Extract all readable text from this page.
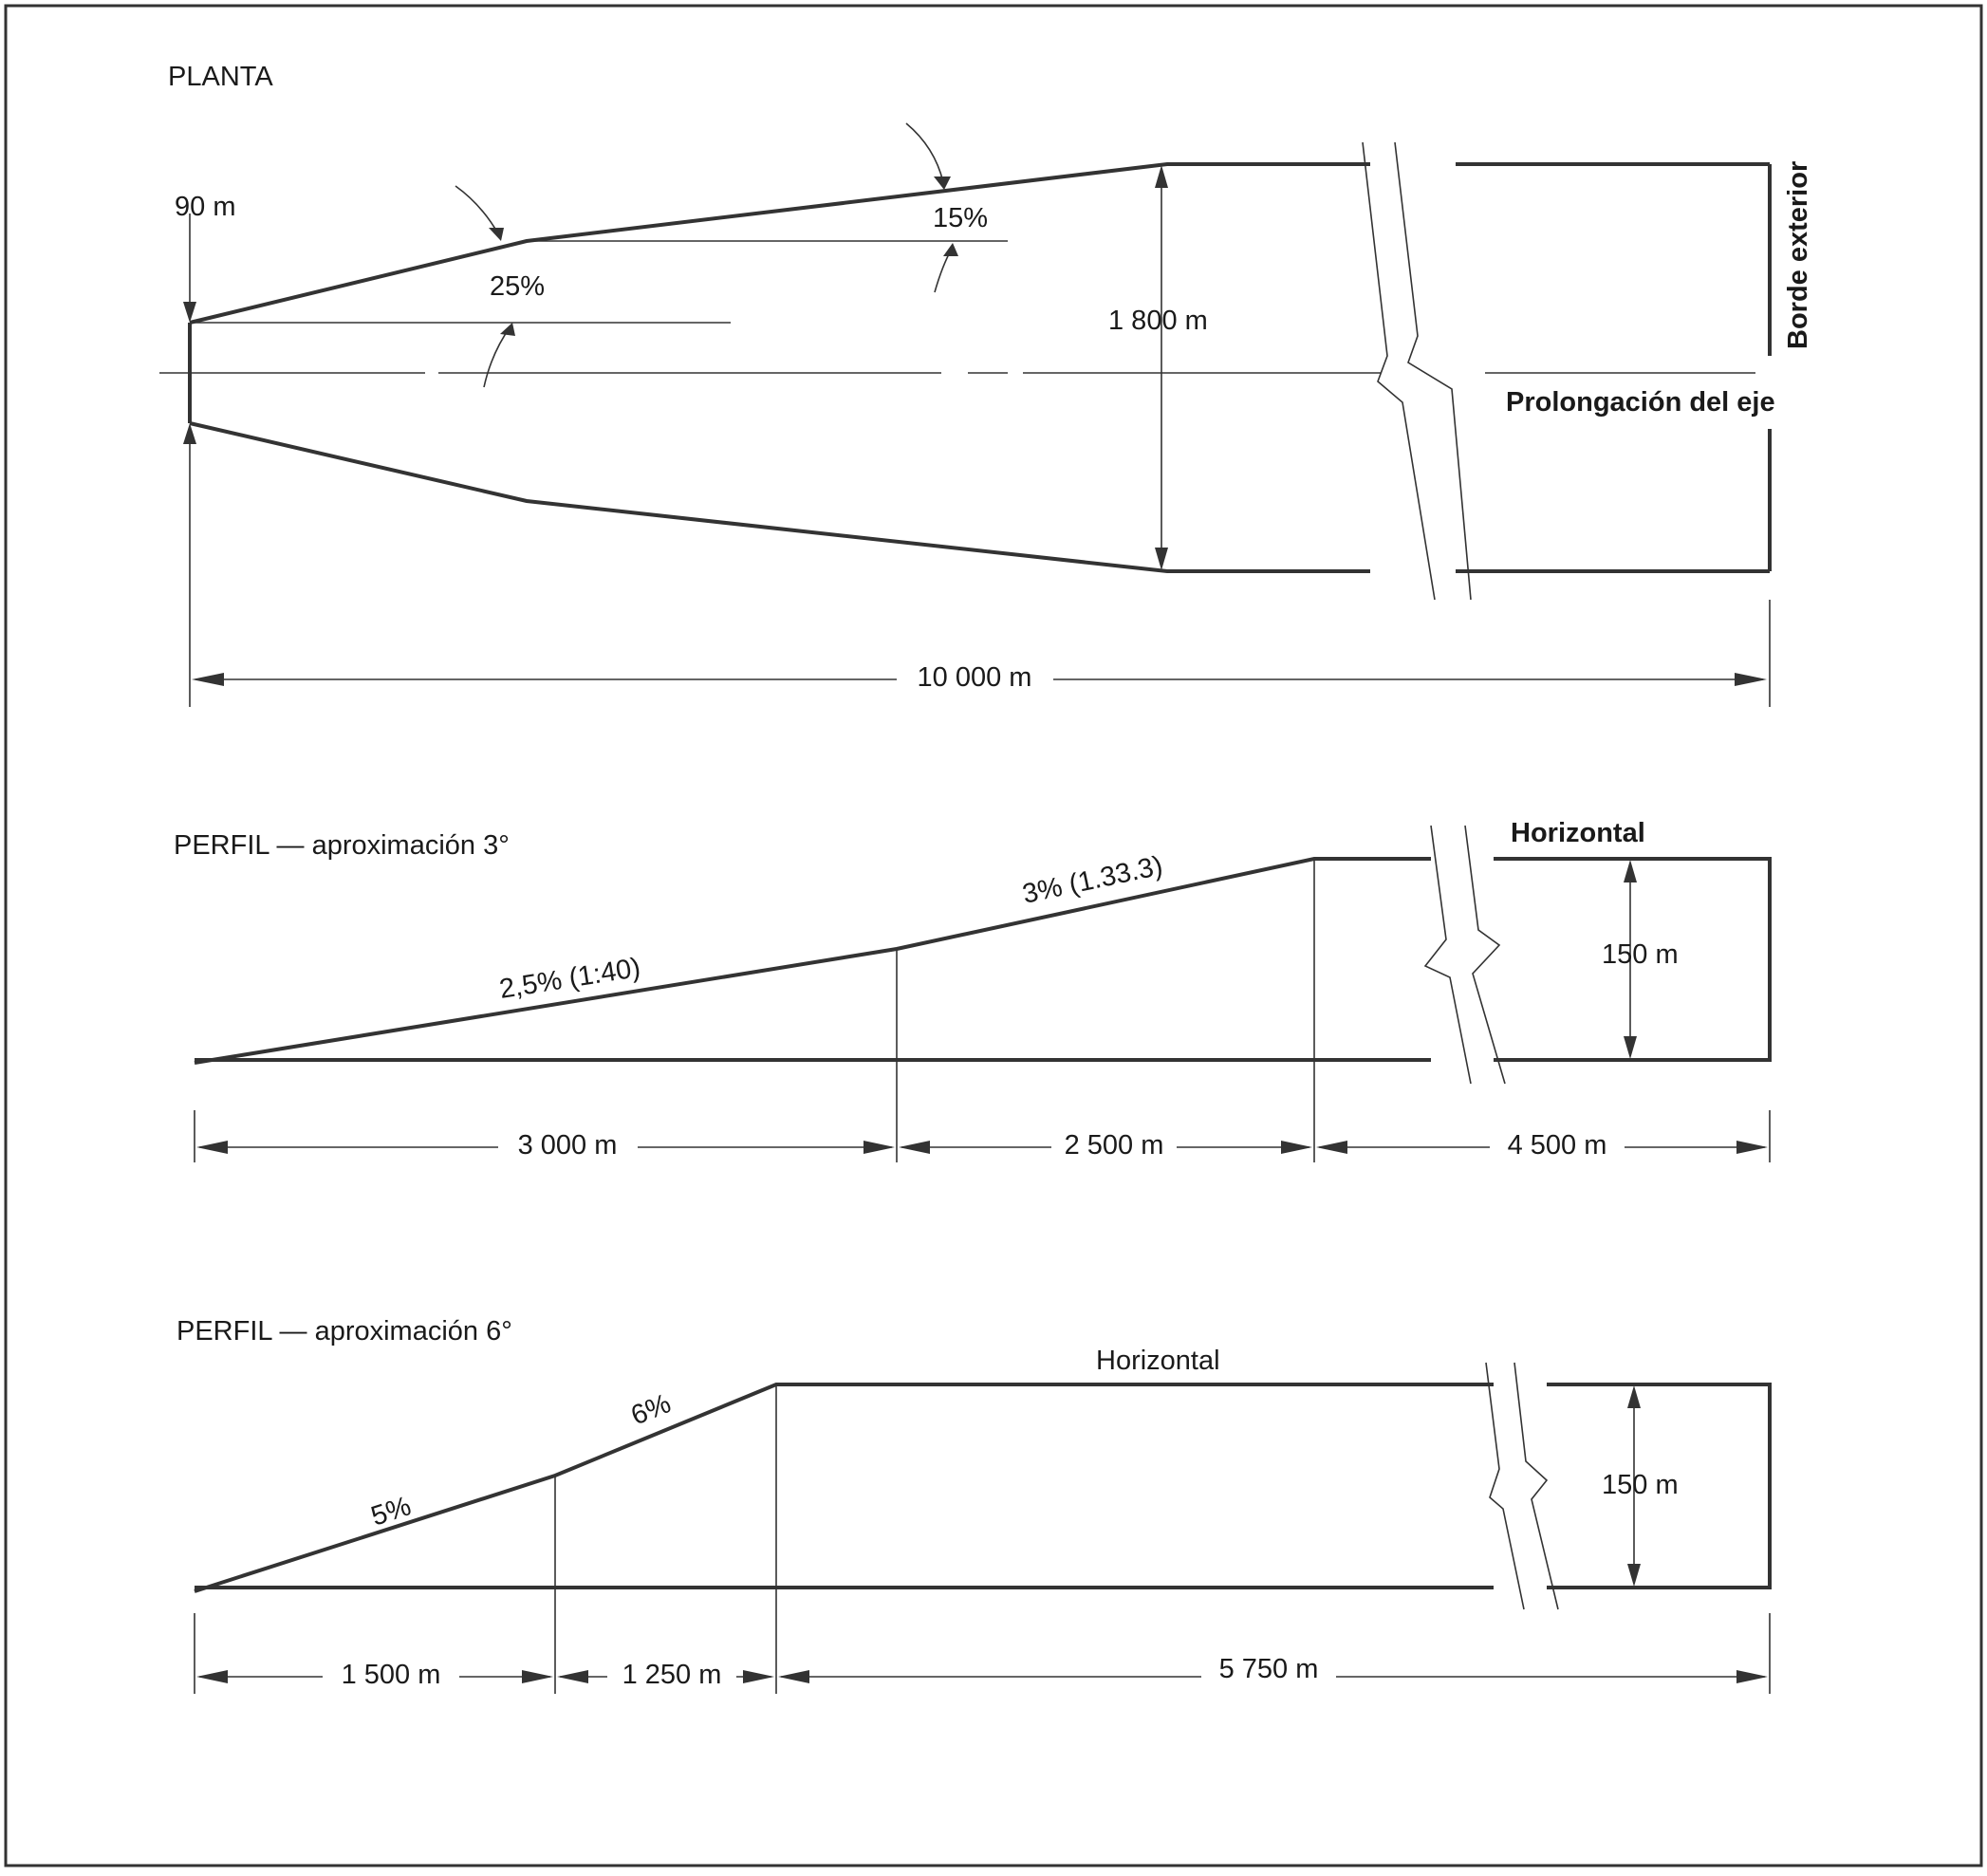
PLANTA
90 m
25%
15%
1 800 m
Prolongación del eje
Borde exterior
10 000 m
PERFIL — aproximación 3°
2,5% (1:40)
3% (1.33.3)
Horizontal
150 m
3 000 m	2 500 m	4 500 m
PERFIL — aproximación 6°
5%
6%
Horizontal
150 m
1 500 m	1 250 m	5 750 m
